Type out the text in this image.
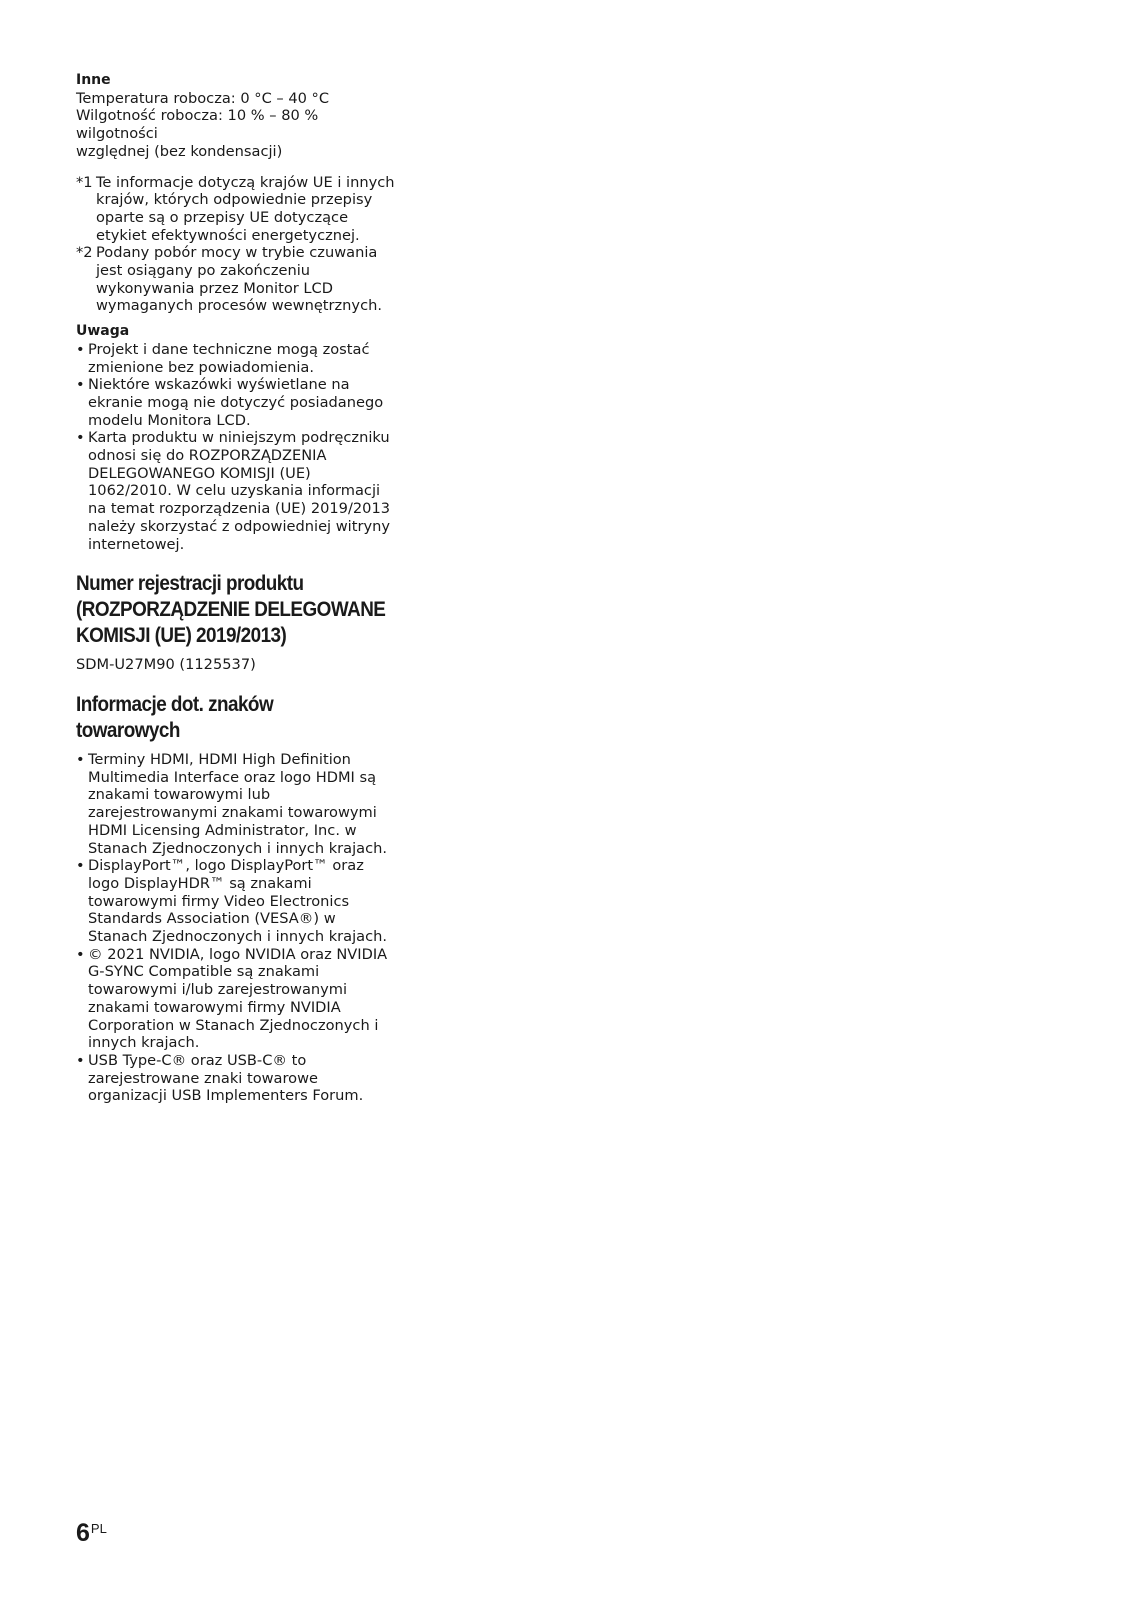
Inne

Temperatura robocza: 0 °C – 40 °C

Wilgotność robocza: 10 % – 80 % wilgotności

względnej (bez kondensacji)

*1 Te informacje dotyczą krajów UE i innych krajów, których odpowiednie przepisy oparte są o przepisy UE dotyczące etykiet efektywności energetycznej.
*2 Podany pobór mocy w trybie czuwania jest osiągany po zakończeniu wykonywania przez Monitor LCD wymaganych procesów wewnętrznych.
Uwaga
• Projekt i dane techniczne mogą zostać zmienione bez powiadomienia.
• Niektóre wskazówki wyświetlane na ekranie mogą nie dotyczyć posiadanego modelu Monitora LCD.
• Karta produktu w niniejszym podręczniku odnosi się do ROZPORZĄDZENIA DELEGOWANEGO KOMISJI (UE) 1062/2010. W celu uzyskania informacji na temat rozporządzenia (UE) 2019/2013 należy skorzystać z odpowiedniej witryny internetowej.
Numer rejestracji produktu
(ROZPORZĄDZENIE DELEGOWANE
KOMISJI (UE) 2019/2013)

SDM-U27M90 (1125537)

Informacje dot. znaków
towarowych
• Terminy HDMI, HDMI High Definition Multimedia Interface oraz logo HDMI są znakami towarowymi lub zarejestrowanymi znakami towarowymi HDMI Licensing Administrator, Inc. w Stanach Zjednoczonych i innych krajach.
• DisplayPort™, logo DisplayPort™ oraz logo DisplayHDR™ są znakami towarowymi firmy Video Electronics Standards Association (VESA®) w Stanach Zjednoczonych i innych krajach.
• © 2021 NVIDIA, logo NVIDIA oraz NVIDIA G-SYNC Compatible są znakami towarowymi i/lub zarejestrowanymi znakami towarowymi firmy NVIDIA Corporation w Stanach Zjednoczonych i innych krajach.
• USB Type-C® oraz USB-C® to zarejestrowane znaki towarowe organizacji USB Implementers Forum.
$6^{PL}$
